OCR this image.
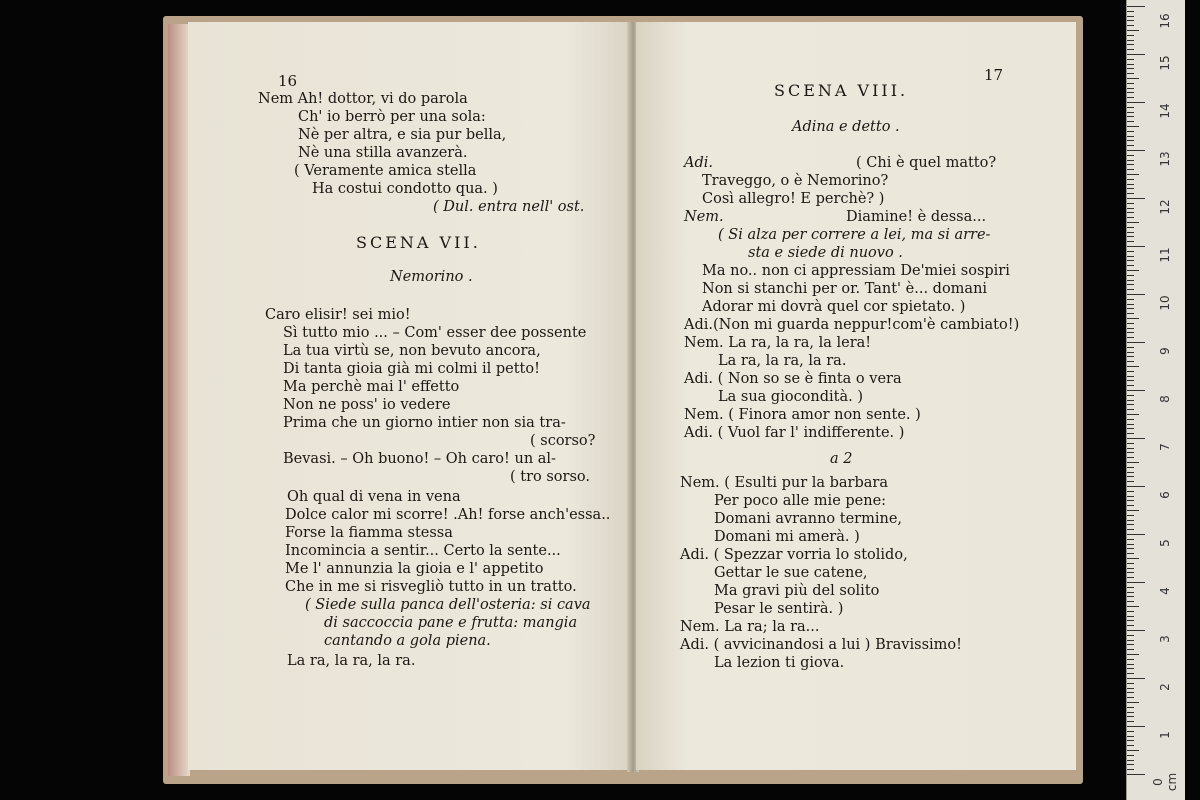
16
Nem Ah! dottor, vi do parola
Ch' io berrò per una sola:
Nè per altra, e sia pur bella,
Nè una stilla avanzerà.
( Veramente amica stella
Ha costui condotto qua. )
( Dul. entra nell' ost.
SCENA VII.
Nemorino .
Caro elisir! sei mio!
Sì tutto mio ... – Com' esser dee possente
La tua virtù se, non bevuto ancora,
Di tanta gioia già mi colmi il petto!
Ma perchè mai l' effetto
Non ne poss' io vedere
Prima che un giorno intier non sia tra-
( scorso?
Bevasi. – Oh buono! – Oh caro! un al-
( tro sorso.
Oh qual di vena in vena
Dolce calor mi scorre! .Ah! forse anch'essa..
Forse la fiamma stessa
Incomincia a sentir... Certo la sente...
Me l' annunzia la gioia e l' appetito
Che in me si risvegliò tutto in un tratto.
( Siede sulla panca dell'osteria: si cava
di saccoccia pane e frutta: mangia
cantando a gola piena.
La ra, la ra, la ra.
17
SCENA VIII.
Adina e detto .
Adi.	( Chi è quel matto?
Traveggo, o è Nemorino?
Così allegro! E perchè? )
Nem.	Diamine! è dessa...
( Si alza per correre a lei, ma si arre-
sta e siede di nuovo .
Ma no.. non ci appressiam De'miei sospiri
Non si stanchi per or. Tant' è... domani
Adorar mi dovrà quel cor spietato. )
Adi.(Non mi guarda neppur!com'è cambiato!)
Nem. La ra, la ra, la lera!
La ra, la ra, la ra.
Adi. ( Non so se è finta o vera
La sua giocondità. )
Nem. ( Finora amor non sente. )
Adi. ( Vuol far l' indifferente. )
a 2
Nem. ( Esulti pur la barbara
Per poco alle mie pene:
Domani avranno termine,
Domani mi amerà. )
Adi. ( Spezzar vorria lo stolido,
Gettar le sue catene,
Ma gravi più del solito
Pesar le sentirà. )
Nem. La ra; la ra...
Adi. ( avvicinandosi a lui ) Bravissimo!
La lezion ti giova.
0 cm
1
2
3
4
5
6
7
8
9
10
11
12
13
14
15
16
